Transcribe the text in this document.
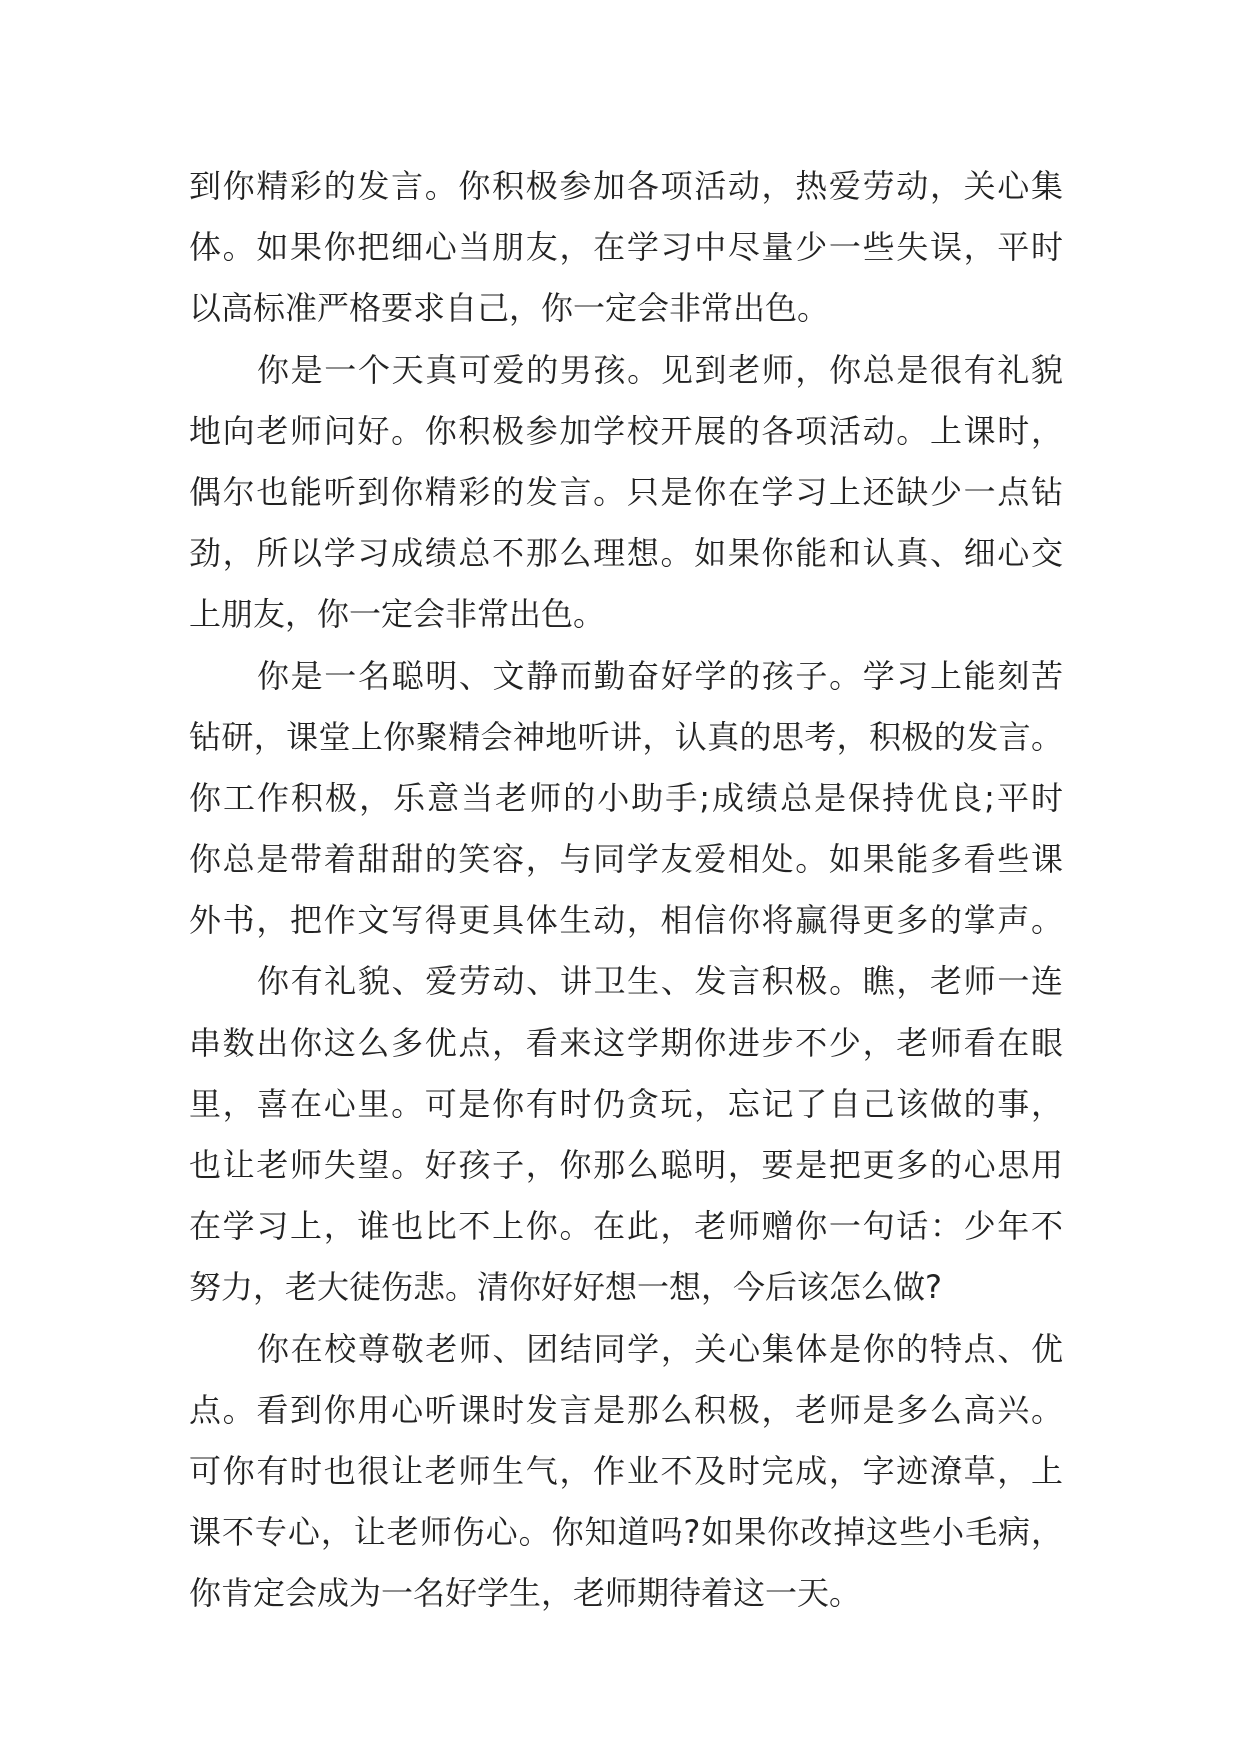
到你精彩的发言。你积极参加各项活动，热爱劳动，关心集
体。如果你把细心当朋友，在学习中尽量少一些失误，平时
以高标准严格要求自己，你一定会非常出色。
你是一个天真可爱的男孩。见到老师，你总是很有礼貌
地向老师问好。你积极参加学校开展的各项活动。上课时，
偶尔也能听到你精彩的发言。只是你在学习上还缺少一点钻
劲，所以学习成绩总不那么理想。如果你能和认真、细心交
上朋友，你一定会非常出色。
你是一名聪明、文静而勤奋好学的孩子。学习上能刻苦
钻研，课堂上你聚精会神地听讲，认真的思考，积极的发言。
你工作积极，乐意当老师的小助手;成绩总是保持优良;平时
你总是带着甜甜的笑容，与同学友爱相处。如果能多看些课
外书，把作文写得更具体生动，相信你将赢得更多的掌声。
你有礼貌、爱劳动、讲卫生、发言积极。瞧，老师一连
串数出你这么多优点，看来这学期你进步不少，老师看在眼
里，喜在心里。可是你有时仍贪玩，忘记了自己该做的事，
也让老师失望。好孩子，你那么聪明，要是把更多的心思用
在学习上，谁也比不上你。在此，老师赠你一句话：少年不
努力，老大徒伤悲。清你好好想一想，今后该怎么做?
你在校尊敬老师、团结同学，关心集体是你的特点、优
点。看到你用心听课时发言是那么积极，老师是多么高兴。
可你有时也很让老师生气，作业不及时完成，字迹潦草，上
课不专心，让老师伤心。你知道吗?如果你改掉这些小毛病，
你肯定会成为一名好学生，老师期待着这一天。
